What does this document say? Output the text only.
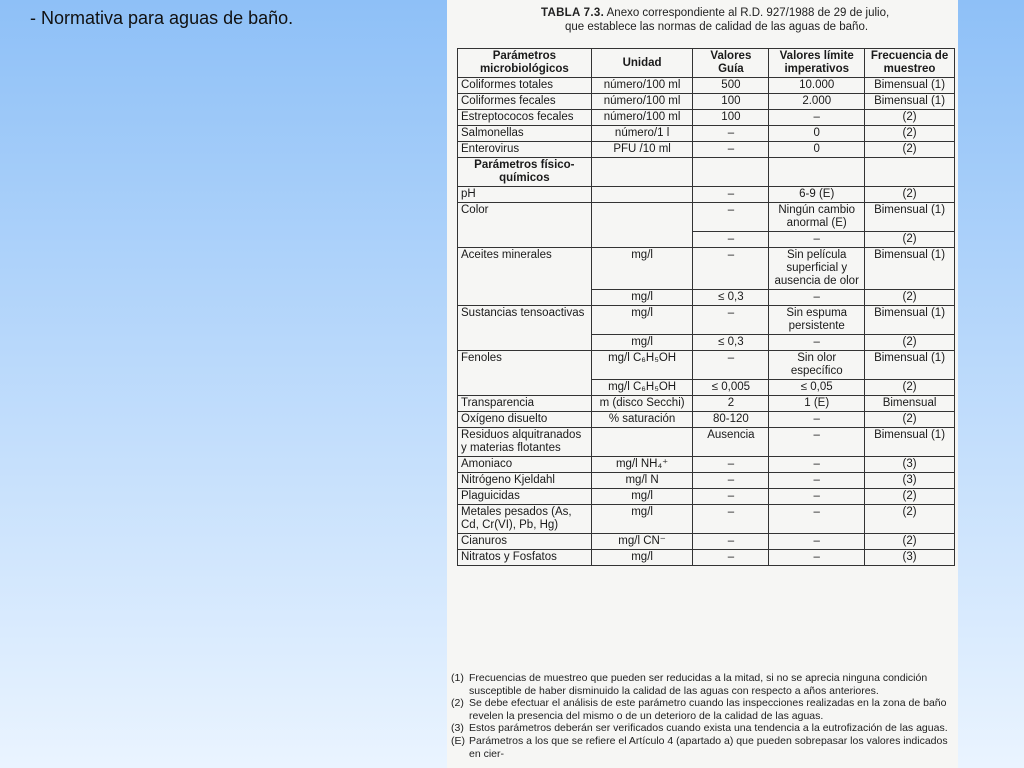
- Normativa para aguas de baño.	TABLA 7.3. Anexo correspondiente al R.D. 927/1988 de 29 de julio,
que establece las normas de calidad de las aguas de baño.
Parámetros microbiológicos	Unidad	Valores Guía	Valores límite imperativos	Frecuencia de muestreo
Coliformes totales	número/100 ml	500	10.000	Bimensual (1)
Coliformes fecales	número/100 ml	100	2.000	Bimensual (1)
Estreptococos fecales	número/100 ml	100	–	(2)
Salmonellas	número/1 l	–	0	(2)
Enterovirus	PFU /10 ml	–	0	(2)
Parámetros físico-químicos				
pH		–	6-9 (E)	(2)
Color		–	Ningún cambio anormal (E)	Bimensual (1)
		–	–	(2)
Aceites minerales	mg/l	–	Sin película superficial y ausencia de olor	Bimensual (1)
	mg/l	≤ 0,3	–	(2)
Sustancias tensoactivas	mg/l	–	Sin espuma persistente	Bimensual (1)
	mg/l	≤ 0,3	–	(2)
Fenoles	mg/l C₆H₅OH	–	Sin olor específico	Bimensual (1)
	mg/l C₆H₅OH	≤ 0,005	≤ 0,05	(2)
Transparencia	m (disco Secchi)	2	1 (E)	Bimensual
Oxígeno disuelto	% saturación	80-120	–	(2)
Residuos alquitranados y materias flotantes		Ausencia	–	Bimensual (1)
Amoniaco	mg/l NH₄⁺	–	–	(3)
Nitrógeno Kjeldahl	mg/l N	–	–	(3)
Plaguicidas	mg/l	–	–	(2)
Metales pesados (As, Cd, Cr(VI), Pb, Hg)	mg/l	–	–	(2)
Cianuros	mg/l CN⁻	–	–	(2)
Nitratos y Fosfatos	mg/l	–	–	(3)
(1) Frecuencias de muestreo que pueden ser reducidas a la mitad, si no se aprecia ninguna condición susceptible de haber disminuido la calidad de las aguas con respecto a años anteriores.
(2) Se debe efectuar el análisis de este parámetro cuando las inspecciones realizadas en la zona de baño revelen la presencia del mismo o de un deterioro de la calidad de las aguas.
(3) Estos parámetros deberán ser verificados cuando exista una tendencia a la eutrofización de las aguas.
(E) Parámetros a los que se refiere el Artículo 4 (apartado a) que pueden sobrepasar los valores indicados en cier-
